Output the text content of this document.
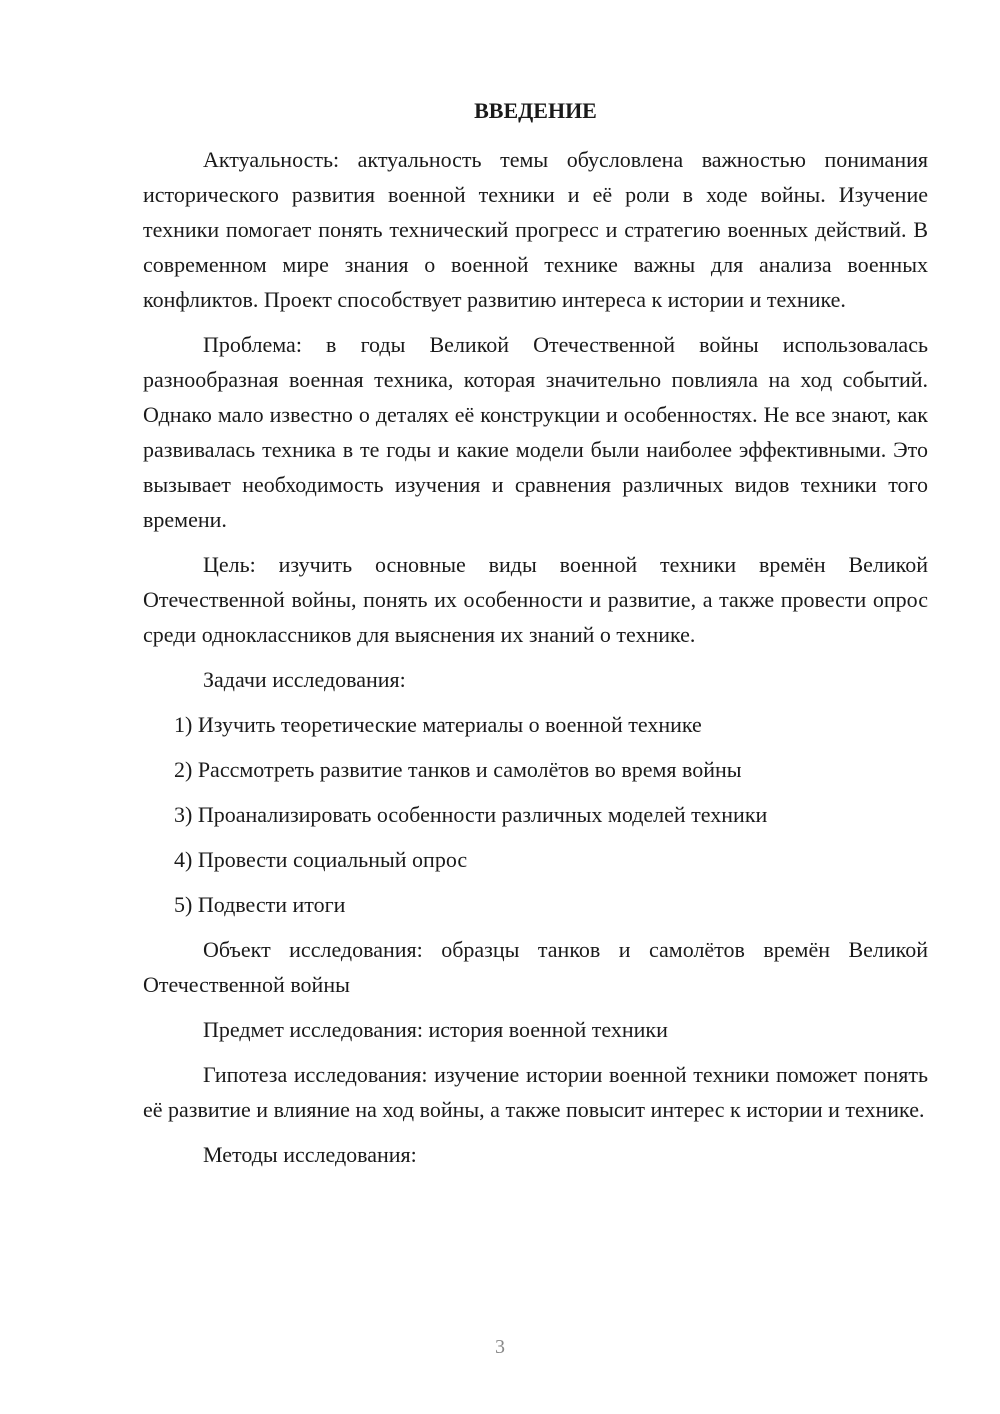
ВВЕДЕНИЕ

Актуальность: актуальность темы обусловлена важностью понимания исторического развития военной техники и её роли в ходе войны. Изучение техники помогает понять технический прогресс и стратегию военных действий. В современном мире знания о военной технике важны для анализа военных конфликтов. Проект способствует развитию интереса к истории и технике.

Проблема: в годы Великой Отечественной войны использовалась разнообразная военная техника, которая значительно повлияла на ход событий. Однако мало известно о деталях её конструкции и особенностях. Не все знают, как развивалась техника в те годы и какие модели были наиболее эффективными. Это вызывает необходимость изучения и сравнения различных видов техники того времени.

Цель: изучить основные виды военной техники времён Великой Отечественной войны, понять их особенности и развитие, а также провести опрос среди одноклассников для выяснения их знаний о технике.

Задачи исследования:

1) Изучить теоретические материалы о военной технике
2) Рассмотреть развитие танков и самолётов во время войны
3) Проанализировать особенности различных моделей техники
4) Провести социальный опрос
5) Подвести итоги

Объект исследования: образцы танков и самолётов времён Великой Отечественной войны

Предмет исследования: история военной техники

Гипотеза исследования: изучение истории военной техники поможет понять её развитие и влияние на ход войны, а также повысит интерес к истории и технике.

Методы исследования:

3
